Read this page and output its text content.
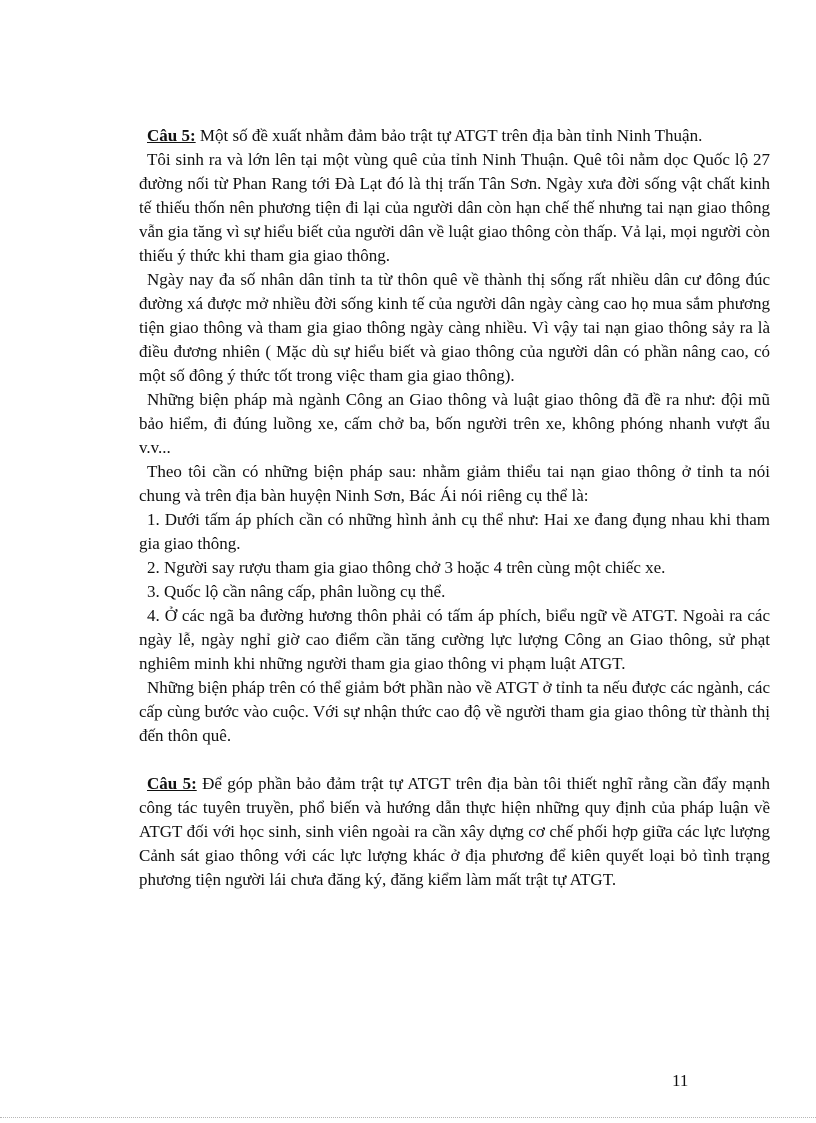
Câu 5: Một số đề xuất nhằm đảm bảo trật tự ATGT trên địa bàn tỉnh Ninh Thuận.

Tôi sinh ra và lớn lên tại một vùng quê của tỉnh Ninh Thuận. Quê tôi nằm dọc Quốc lộ 27 đường nối từ Phan Rang tới Đà Lạt đó là thị trấn Tân Sơn. Ngày xưa đời sống vật chất kinh tế thiếu thốn nên phương tiện đi lại của người dân còn hạn chế thế nhưng tai nạn giao thông vẫn gia tăng vì sự hiểu biết của người dân về luật giao thông còn thấp. Vả lại, mọi người còn thiếu ý thức khi tham gia giao thông.

Ngày nay đa số nhân dân tỉnh ta từ thôn quê về thành thị sống rất nhiều dân cư đông đúc đường xá được mở nhiều đời sống kinh tế của người dân ngày càng cao họ mua sắm phương tiện giao thông và tham gia giao thông ngày càng nhiều. Vì vậy tai nạn giao thông sảy ra là điều đương nhiên ( Mặc dù sự hiểu biết và giao thông của người dân có phần nâng cao, có một số đông ý thức tốt trong việc tham gia giao thông).

Những biện pháp mà ngành Công an Giao thông và luật giao thông đã đề ra như: đội mũ bảo hiểm, đi đúng luồng xe, cấm chở ba, bốn người trên xe, không phóng nhanh vượt ẩu v.v...

Theo tôi cần có những biện pháp sau: nhằm giảm thiểu tai nạn giao thông ở tỉnh ta nói chung và trên địa bàn huyện Ninh Sơn, Bác Ái nói riêng cụ thể là:

1. Dưới tấm áp phích cần có những hình ảnh cụ thể như: Hai xe đang đụng nhau khi tham gia giao thông.

2. Người say rượu tham gia giao thông chở 3 hoặc 4 trên cùng một chiếc xe.

3. Quốc lộ cần nâng cấp, phân luồng cụ thể.

4. Ở các ngã ba đường hương thôn phải có tấm áp phích, biểu ngữ về ATGT. Ngoài ra các ngày lễ, ngày nghỉ giờ cao điểm cần tăng cường lực lượng Công an Giao thông, sử phạt nghiêm minh khi những người tham gia giao thông vi phạm luật ATGT.

Những biện pháp trên có thể giảm bớt phần nào về ATGT ở tỉnh ta nếu được các ngành, các cấp cùng bước vào cuộc. Với sự nhận thức cao độ về người tham gia giao thông từ thành thị đến thôn quê.

Câu 5: Để góp phần bảo đảm trật tự ATGT trên địa bàn tôi thiết nghĩ rằng cần đẩy mạnh công tác tuyên truyền, phổ biến và hướng dẫn thực hiện những quy định của pháp luận về ATGT đối với học sinh, sinh viên ngoài ra cần xây dựng cơ chế phối hợp giữa các lực lượng Cảnh sát giao thông với các lực lượng khác ở địa phương để kiên quyết loại bỏ tình trạng phương tiện người lái chưa đăng ký, đăng kiểm làm mất trật tự ATGT.

11
